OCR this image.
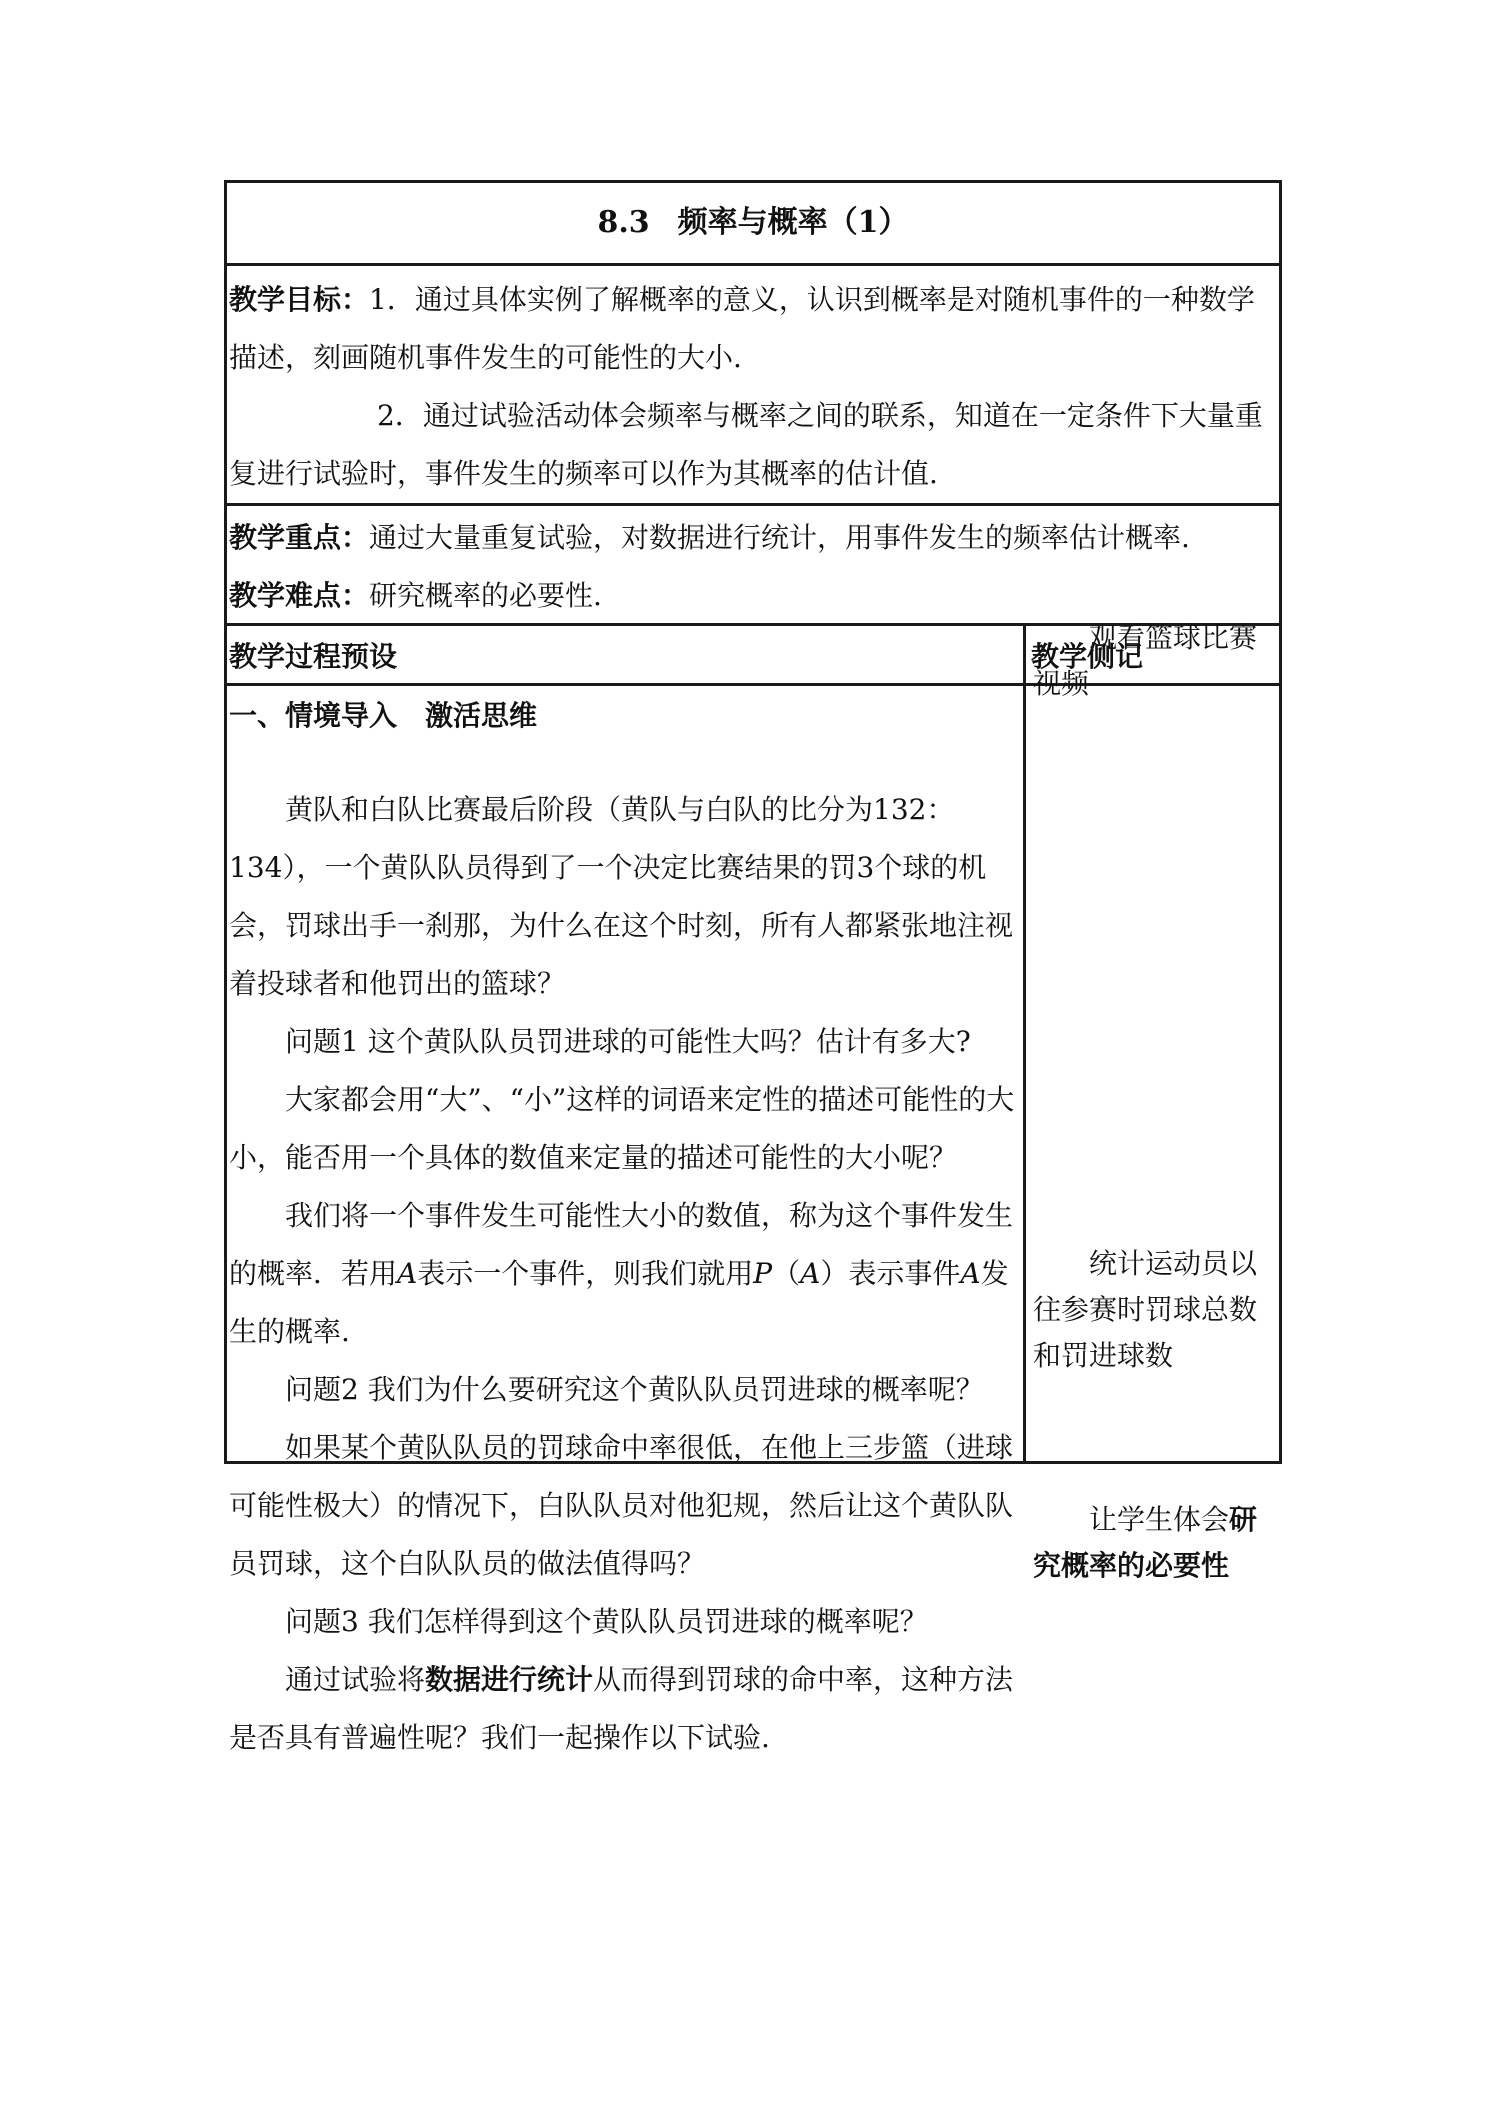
8.3 频率与概率（1）

教学目标：1．通过具体实例了解概率的意义，认识到概率是对随机事件的一种数学描述，刻画随机事件发生的可能性的大小.

2．通过试验活动体会频率与概率之间的联系，知道在一定条件下大量重复进行试验时，事件发生的频率可以作为其概率的估计值.

教学重点：通过大量重复试验，对数据进行统计，用事件发生的频率估计概率.

教学难点：研究概率的必要性.

教学过程预设	教学侧记

一、情境导入　激活思维

黄队和白队比赛最后阶段（黄队与白队的比分为132：134），一个黄队队员得到了一个决定比赛结果的罚3个球的机会，罚球出手一刹那，为什么在这个时刻，所有人都紧张地注视着投球者和他罚出的篮球？

问题1 这个黄队队员罚进球的可能性大吗？估计有多大?

大家都会用“大”、“小”这样的词语来定性的描述可能性的大小，能否用一个具体的数值来定量的描述可能性的大小呢？

我们将一个事件发生可能性大小的数值，称为这个事件发生的概率．若用A表示一个事件，则我们就用P（A）表示事件A发生的概率.

问题2 我们为什么要研究这个黄队队员罚进球的概率呢？

如果某个黄队队员的罚球命中率很低，在他上三步篮（进球可能性极大）的情况下，白队队员对他犯规，然后让这个黄队队员罚球，这个白队队员的做法值得吗？

问题3 我们怎样得到这个黄队队员罚进球的概率呢？

通过试验将数据进行统计从而得到罚球的命中率，这种方法是否具有普遍性呢？我们一起操作以下试验.

观看篮球比赛视频
统计运动员以往参赛时罚球总数和罚进球数
让学生体会研究概率的必要性
